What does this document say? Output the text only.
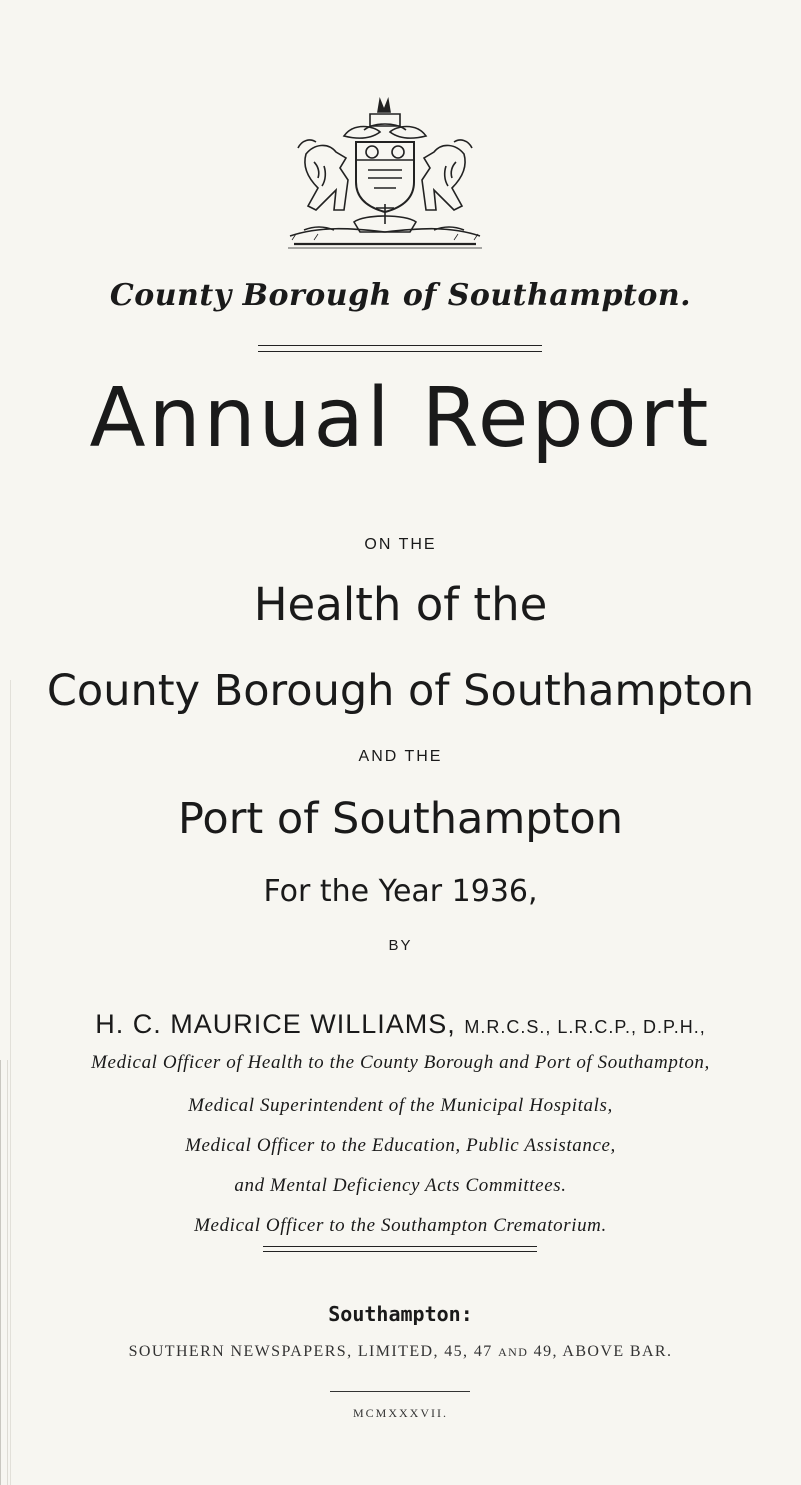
County Borough of Southampton.
Annual Report
ON THE
Health of the
County Borough of Southampton
AND THE
Port of Southampton
For the Year 1936,
BY
H. C. MAURICE WILLIAMS, M.R.C.S., L.R.C.P., D.P.H.,
Medical Officer of Health to the County Borough and Port of Southampton,
Medical Superintendent of the Municipal Hospitals,
Medical Officer to the Education, Public Assistance,
and Mental Deficiency Acts Committees.
Medical Officer to the Southampton Crematorium.
Southampton:
SOUTHERN NEWSPAPERS, LIMITED, 45, 47 AND 49, ABOVE BAR.
MCMXXXVII.
